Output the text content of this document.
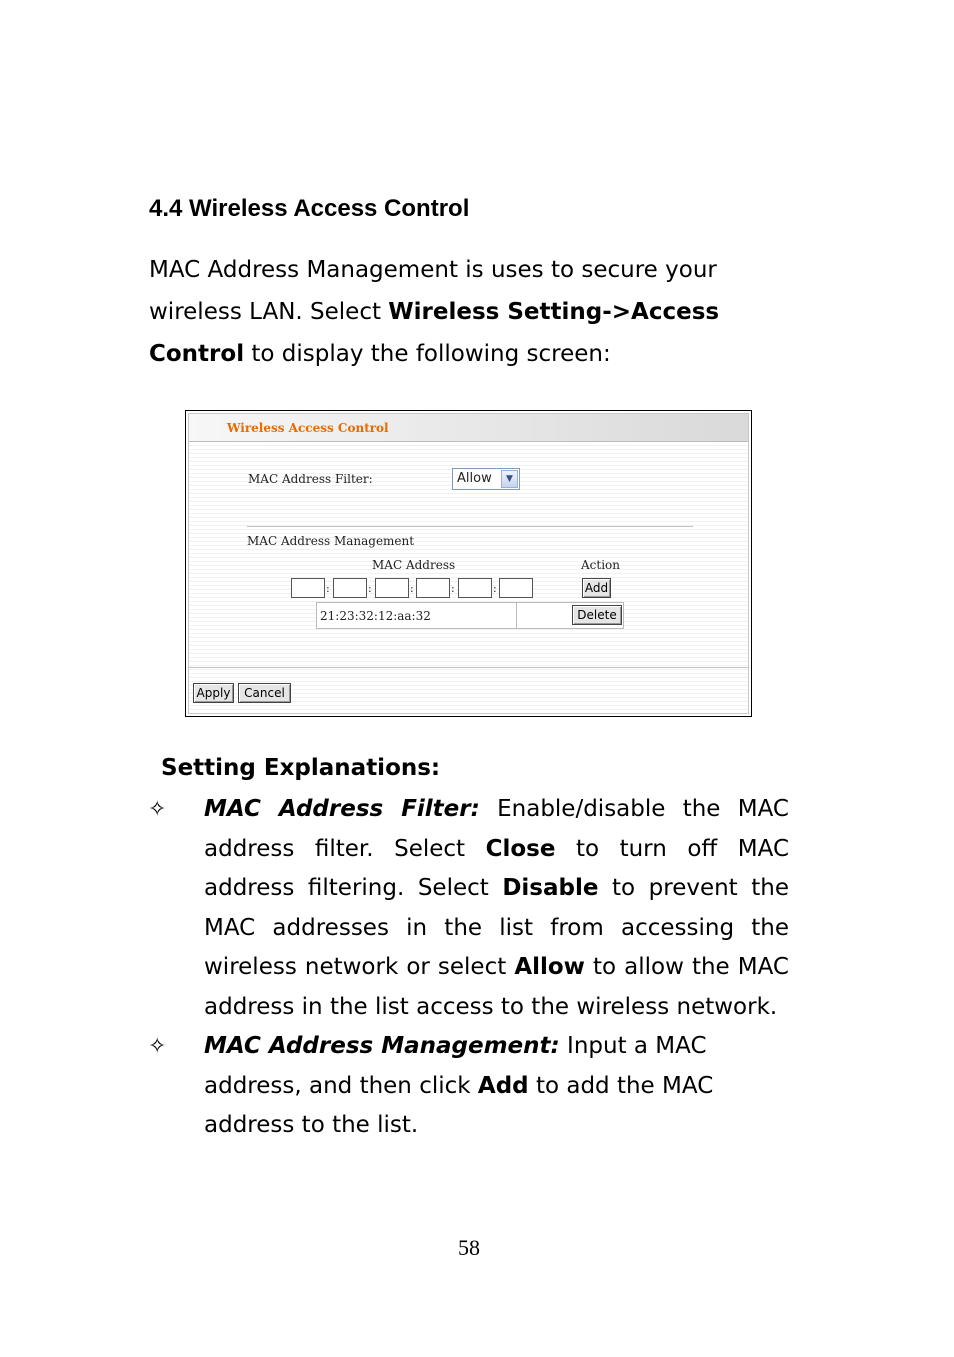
4.4 Wireless Access Control

MAC Address Management is uses to secure your wireless LAN. Select Wireless Setting->Access Control to display the following screen:

Wireless Access Control
MAC Address Filter:	Allow	▼
MAC Address Management
MAC Address	Action
:	:	:	:	:	Add
21:23:32:12:aa:32	Delete
Apply	Cancel
Setting Explanations:
✧ MAC Address Filter: Enable/disable the MAC address filter. Select Close to turn off MAC address filtering. Select Disable to prevent the MAC addresses in the list from accessing the wireless network or select Allow to allow the MAC address in the list access to the wireless network.

✧ MAC Address Management: Input a MAC address, and then click Add to add the MAC address to the list.

58
